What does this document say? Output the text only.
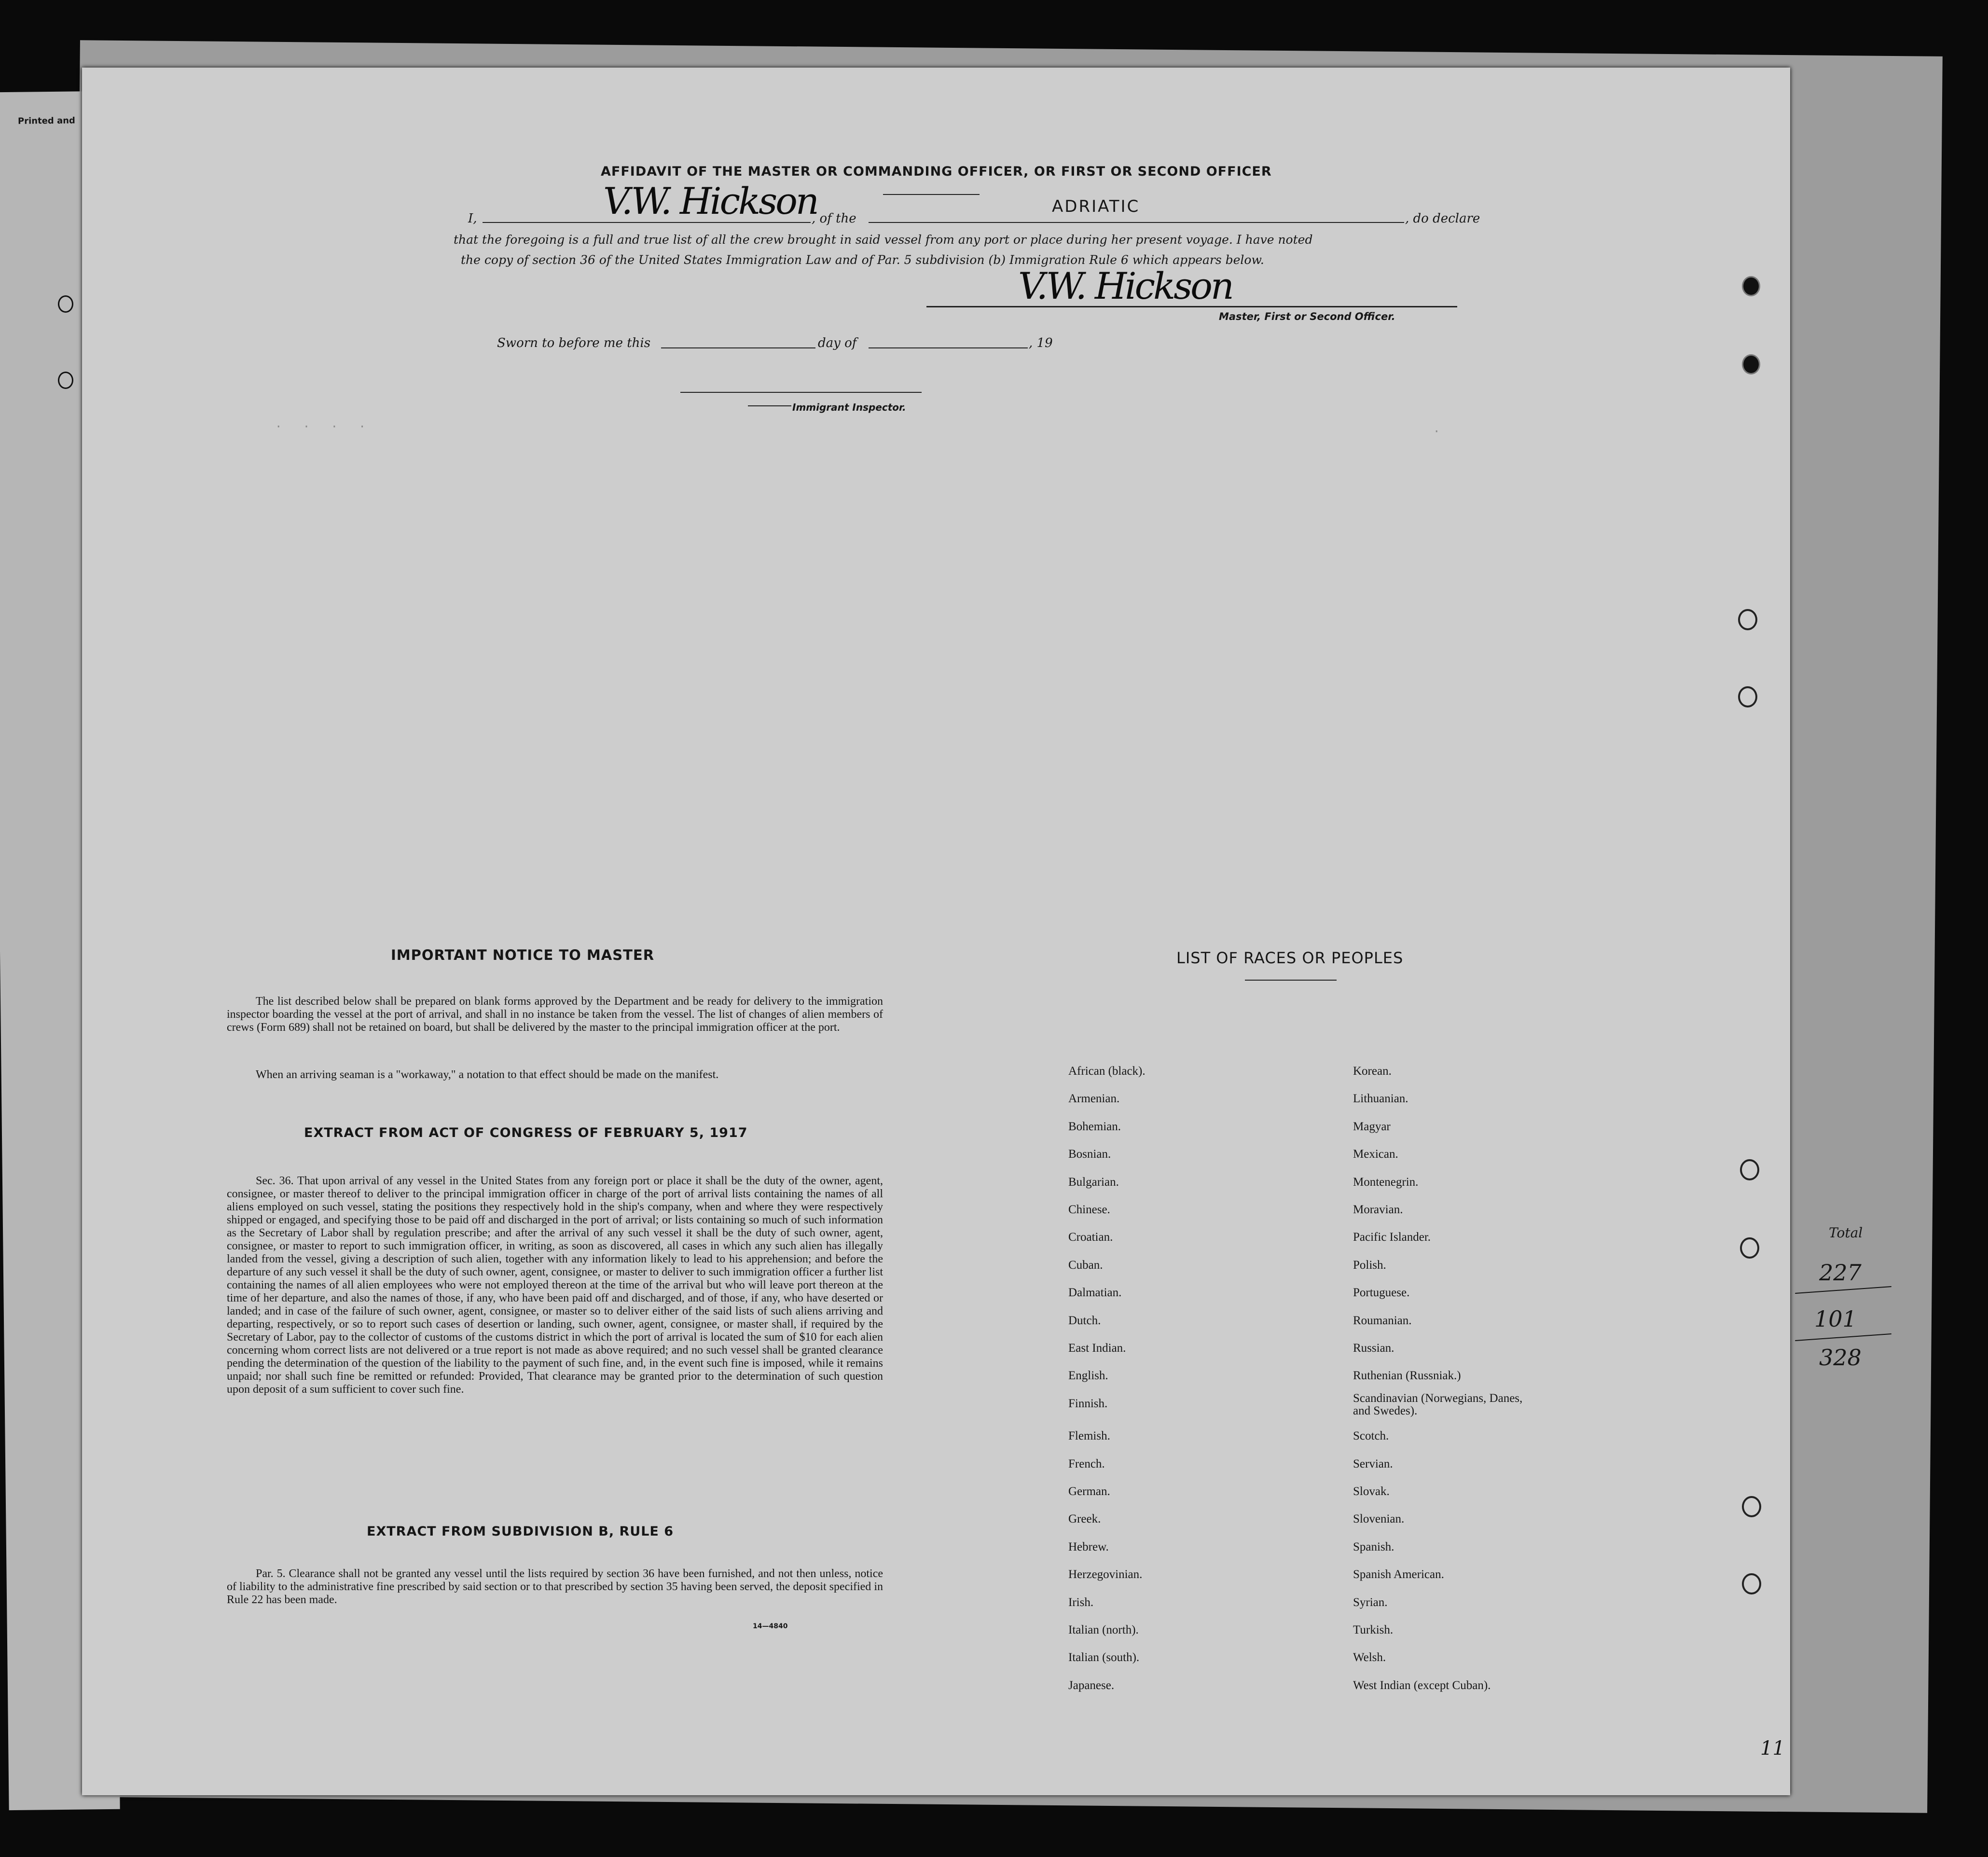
Printed and
AFFIDAVIT OF THE MASTER OR COMMANDING OFFICER, OR FIRST OR SECOND OFFICER
I,	V.W. Hickson
, of the
ADRIATIC
, do declare
that the foregoing is a full and true list of all the crew brought in said vessel from any port or place during her present voyage. I have noted
the copy of section 36 of the United States Immigration Law and of Par. 5 subdivision (b) Immigration Rule 6 which appears below.
V.W. Hickson
Master, First or Second Officer.
Sworn to before me this	day of	, 19
Immigrant Inspector.
·   ·   ·   ·	·
IMPORTANT NOTICE TO MASTER
The list described below shall be prepared on blank forms approved by the Department and be ready for delivery to the immigration inspector boarding the vessel at the port of arrival, and shall in no instance be taken from the vessel. The list of changes of alien members of crews (Form 689) shall not be retained on board, but shall be delivered by the master to the principal immigration officer at the port.
When an arriving seaman is a "workaway," a notation to that effect should be made on the manifest.
EXTRACT FROM ACT OF CONGRESS OF FEBRUARY 5, 1917
Sec. 36. That upon arrival of any vessel in the United States from any foreign port or place it shall be the duty of the owner, agent, consignee, or master thereof to deliver to the principal immigration officer in charge of the port of arrival lists containing the names of all aliens employed on such vessel, stating the positions they respectively hold in the ship's company, when and where they were respectively shipped or engaged, and specifying those to be paid off and discharged in the port of arrival; or lists containing so much of such information as the Secretary of Labor shall by regulation prescribe; and after the arrival of any such vessel it shall be the duty of such owner, agent, consignee, or master to report to such immigration officer, in writing, as soon as discovered, all cases in which any such alien has illegally landed from the vessel, giving a description of such alien, together with any information likely to lead to his apprehension; and before the departure of any such vessel it shall be the duty of such owner, agent, consignee, or master to deliver to such immigration officer a further list containing the names of all alien employees who were not employed thereon at the time of the arrival but who will leave port thereon at the time of her departure, and also the names of those, if any, who have been paid off and discharged, and of those, if any, who have deserted or landed; and in case of the failure of such owner, agent, consignee, or master so to deliver either of the said lists of such aliens arriving and departing, respectively, or so to report such cases of desertion or landing, such owner, agent, consignee, or master shall, if required by the Secretary of Labor, pay to the collector of customs of the customs district in which the port of arrival is located the sum of $10 for each alien concerning whom correct lists are not delivered or a true report is not made as above required; and no such vessel shall be granted clearance pending the determination of the question of the liability to the payment of such fine, and, in the event such fine is imposed, while it remains unpaid; nor shall such fine be remitted or refunded: Provided, That clearance may be granted prior to the determination of such question upon deposit of a sum sufficient to cover such fine.
EXTRACT FROM SUBDIVISION B, RULE 6
Par. 5. Clearance shall not be granted any vessel until the lists required by section 36 have been furnished, and not then unless, notice of liability to the administrative fine prescribed by said section or to that prescribed by section 35 having been served, the deposit specified in Rule 22 has been made.
14—4840
LIST OF RACES OR PEOPLES
African (black).
Armenian.
Bohemian.
Bosnian.
Bulgarian.
Chinese.
Croatian.
Cuban.
Dalmatian.
Dutch.
East Indian.
English.
Finnish.
Flemish.
French.
German.
Greek.
Hebrew.
Herzegovinian.
Irish.
Italian (north).
Italian (south).
Japanese.
Korean.
Lithuanian.
Magyar
Mexican.
Montenegrin.
Moravian.
Pacific Islander.
Polish.
Portuguese.
Roumanian.
Russian.
Ruthenian (Russniak.)
Scandinavian (Norwegians, Danes, and Swedes).
Scotch.
Servian.
Slovak.
Slovenian.
Spanish.
Spanish American.
Syrian.
Turkish.
Welsh.
West Indian (except Cuban).
Total
227
101
328
11
